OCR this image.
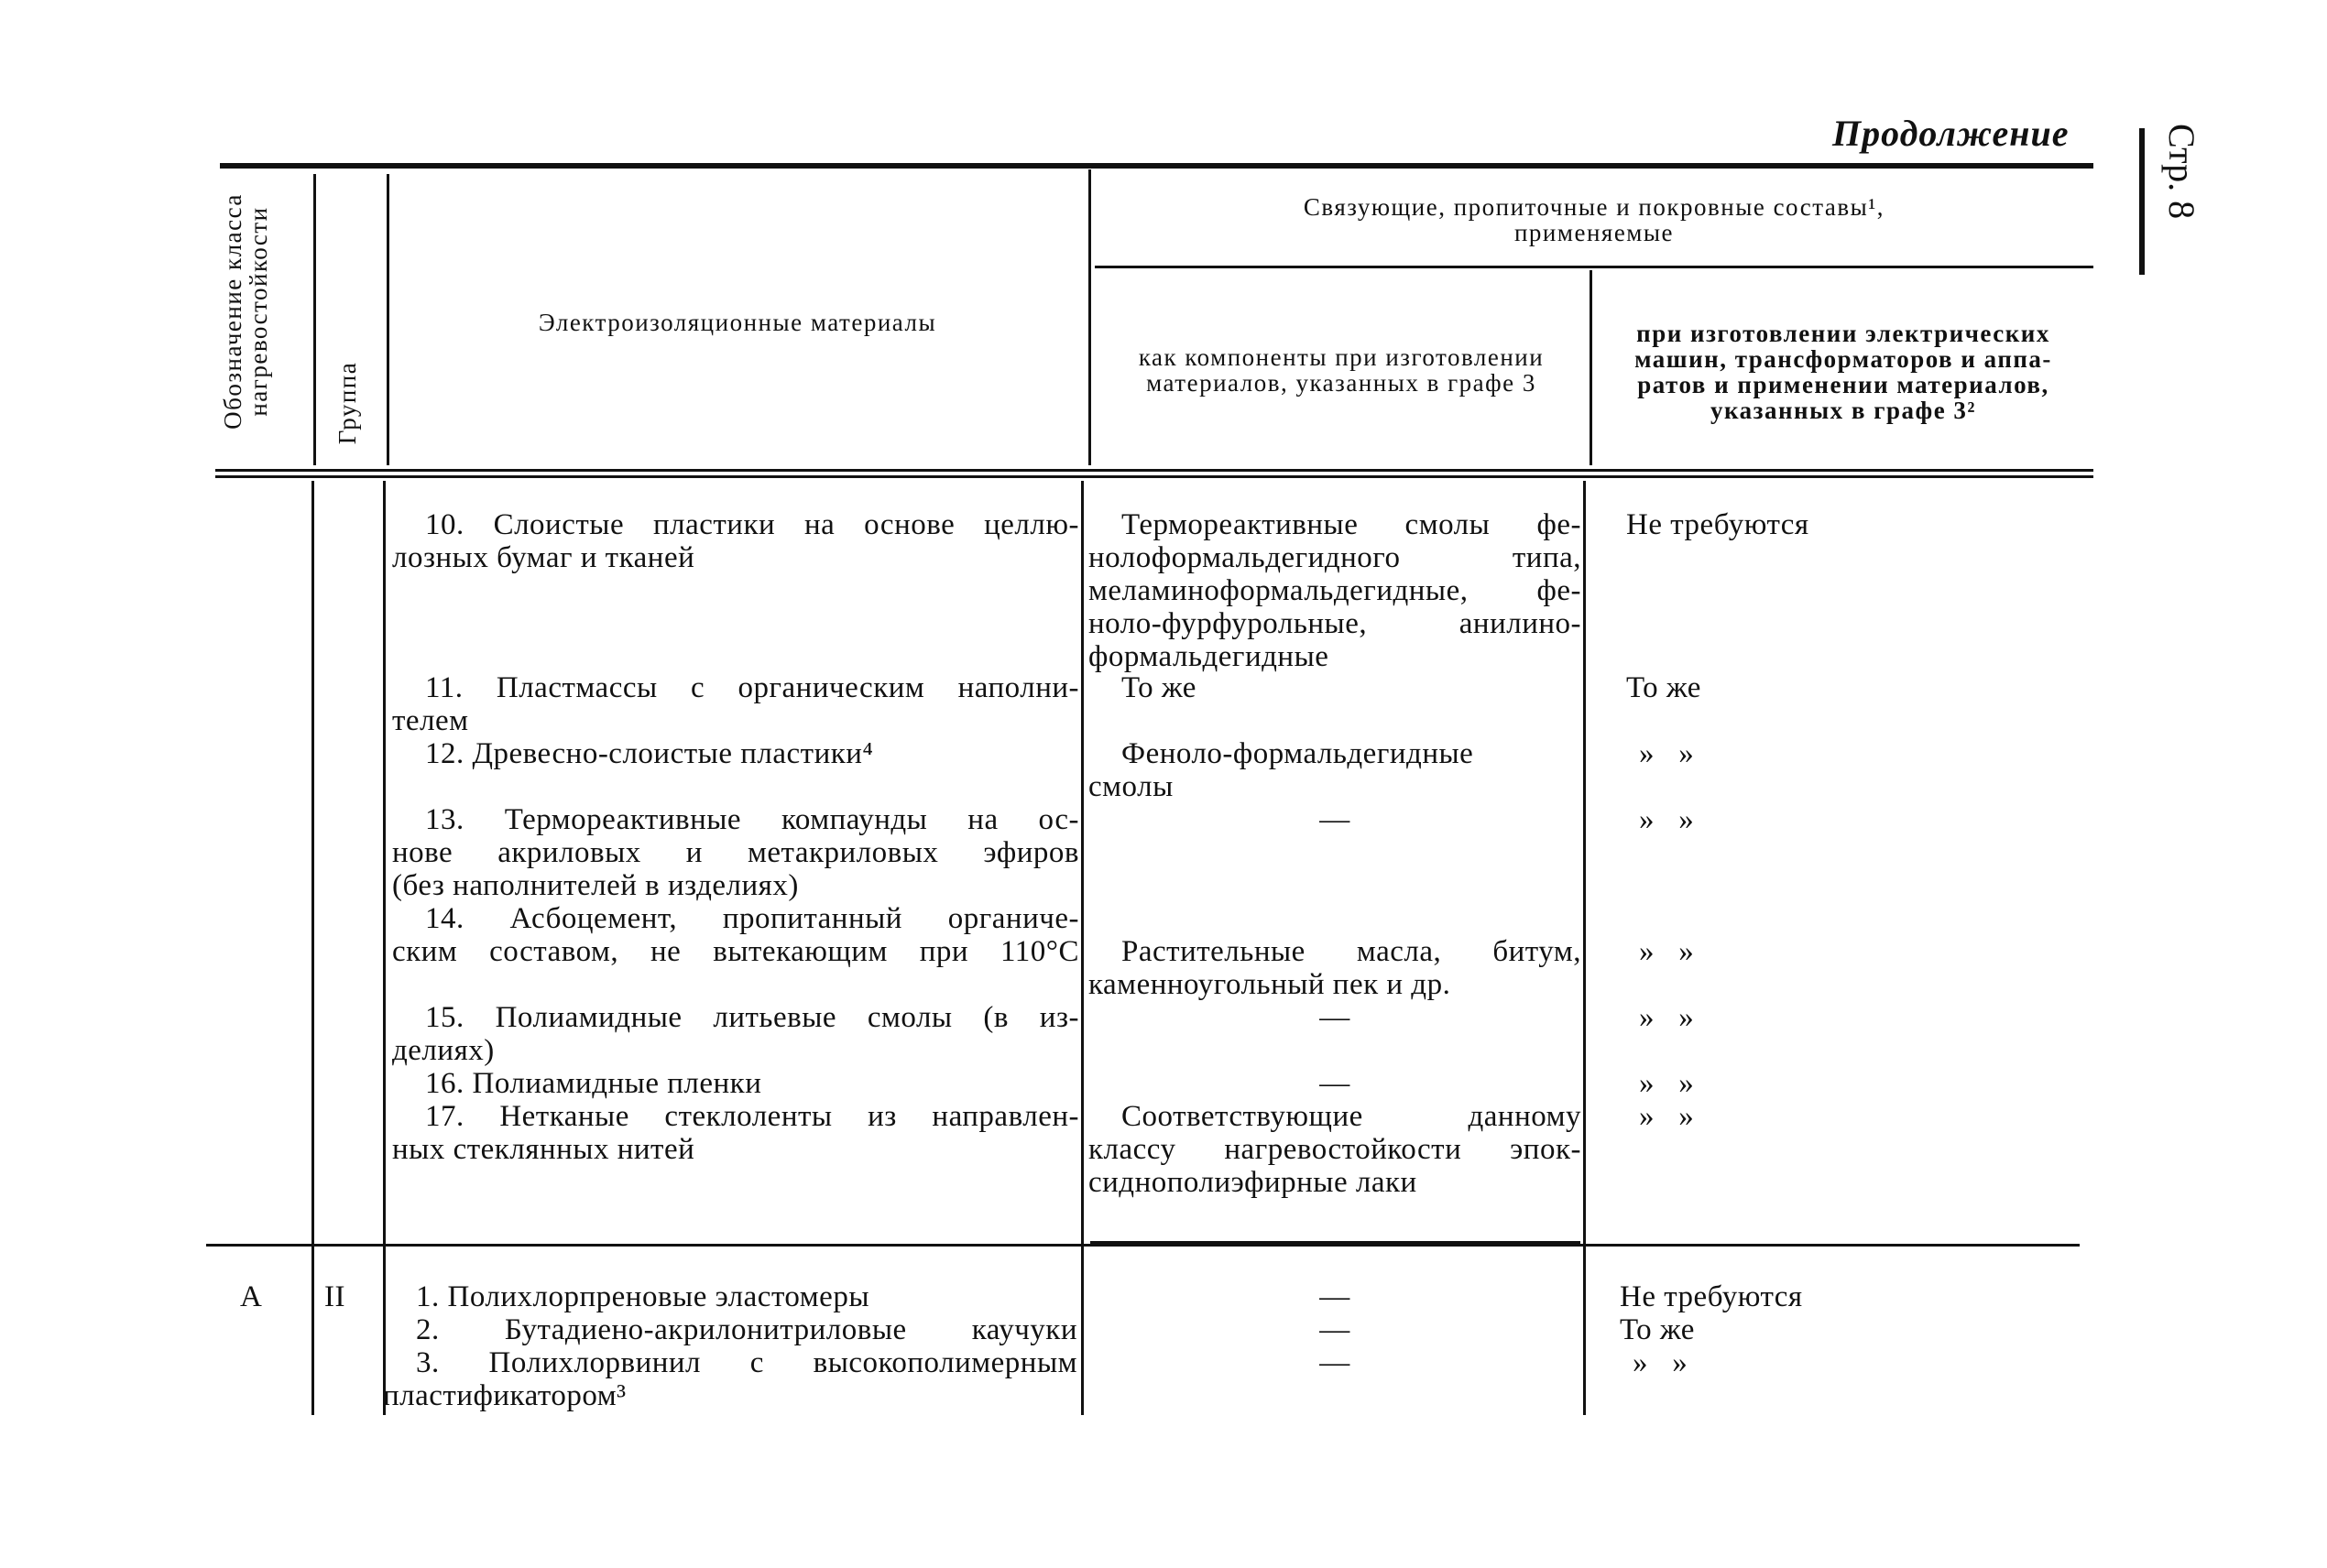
Продолжение	Стр. 8
Обозначение класса
нагревостойкости Группа
Электроизоляционные материалы
Связующие, пропиточные и покровные составы¹,
применяемые
как компоненты при изготовлении
материалов, указанных в графе 3
при изготовлении электрических
машин, трансформаторов и аппа-
ратов и применении материалов,
указанных в графе 3²
10. Слоистые пластики на основе целлю-
лозных бумаг и тканей
11. Пластмассы с органическим наполни-
телем
12. Древесно-слоистые пластики⁴
13. Термореактивные компаунды на ос-
нове акриловых и метакриловых эфиров
(без наполнителей в изделиях)
14. Асбоцемент, пропитанный органиче-
ским составом, не вытекающим при 110°С
15. Полиамидные литьевые смолы (в из-
делиях)
16. Полиамидные пленки
17. Нетканые стеклоленты из направлен-
ных стеклянных нитей
Термореактивные смолы фе-
нолоформальдегидного типа,
меламиноформальдегидные, фе-
ноло-фурфурольные, анилино-
формальдегидные
То же
Феноло-формальдегидные
смолы
—
Растительные масла, битум,
каменноугольный пек и др.
—
—
Соответствующие данному
классу нагревостойкости эпок-
сиднополиэфирные лаки
Не требуются
То же
»   »
»   »
»   »
»   »
»   »
»   »
А II	1. Полихлорпреновые эластомеры
2. Бутадиено-акрилонитриловые каучуки
3. Полихлорвинил с высокополимерным
пластификатором³
—
—
—
Не требуются
То же
»   »
